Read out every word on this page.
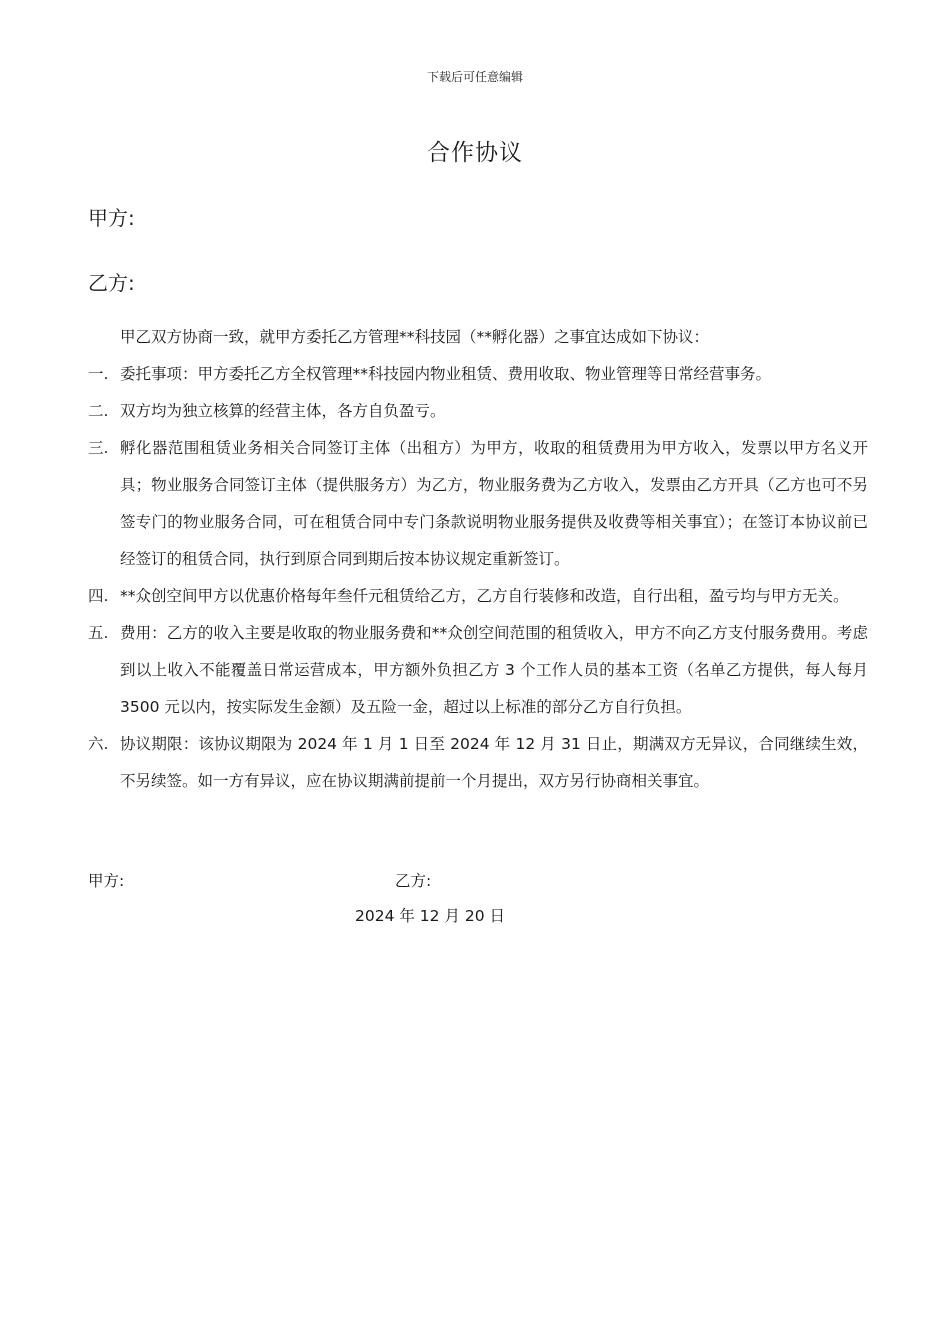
下载后可任意编辑
合作协议
甲方:
乙方:

甲乙双方协商一致，就甲方委托乙方管理**科技园（**孵化器）之事宜达成如下协议：

一. 委托事项：甲方委托乙方全权管理**科技园内物业租赁、费用收取、物业管理等日常经营事务。
二. 双方均为独立核算的经营主体，各方自负盈亏。
三. 孵化器范围租赁业务相关合同签订主体（出租方）为甲方，收取的租赁费用为甲方收入，发票以甲方名义开具；物业服务合同签订主体（提供服务方）为乙方，物业服务费为乙方收入，发票由乙方开具（乙方也可不另签专门的物业服务合同，可在租赁合同中专门条款说明物业服务提供及收费等相关事宜）；在签订本协议前已经签订的租赁合同，执行到原合同到期后按本协议规定重新签订。
四. **众创空间甲方以优惠价格每年叁仟元租赁给乙方，乙方自行装修和改造，自行出租，盈亏均与甲方无关。
五. 费用：乙方的收入主要是收取的物业服务费和**众创空间范围的租赁收入，甲方不向乙方支付服务费用。考虑到以上收入不能覆盖日常运营成本，甲方额外负担乙方 3 个工作人员的基本工资（名单乙方提供，每人每月 3500 元以内，按实际发生金额）及五险一金，超过以上标准的部分乙方自行负担。
六. 协议期限：该协议期限为 2024 年 1 月 1 日至 2024 年 12 月 31 日止，期满双方无异议，合同继续生效，不另续签。如一方有异议，应在协议期满前提前一个月提出，双方另行协商相关事宜。
甲方:	乙方:
2024 年 12 月 20 日
